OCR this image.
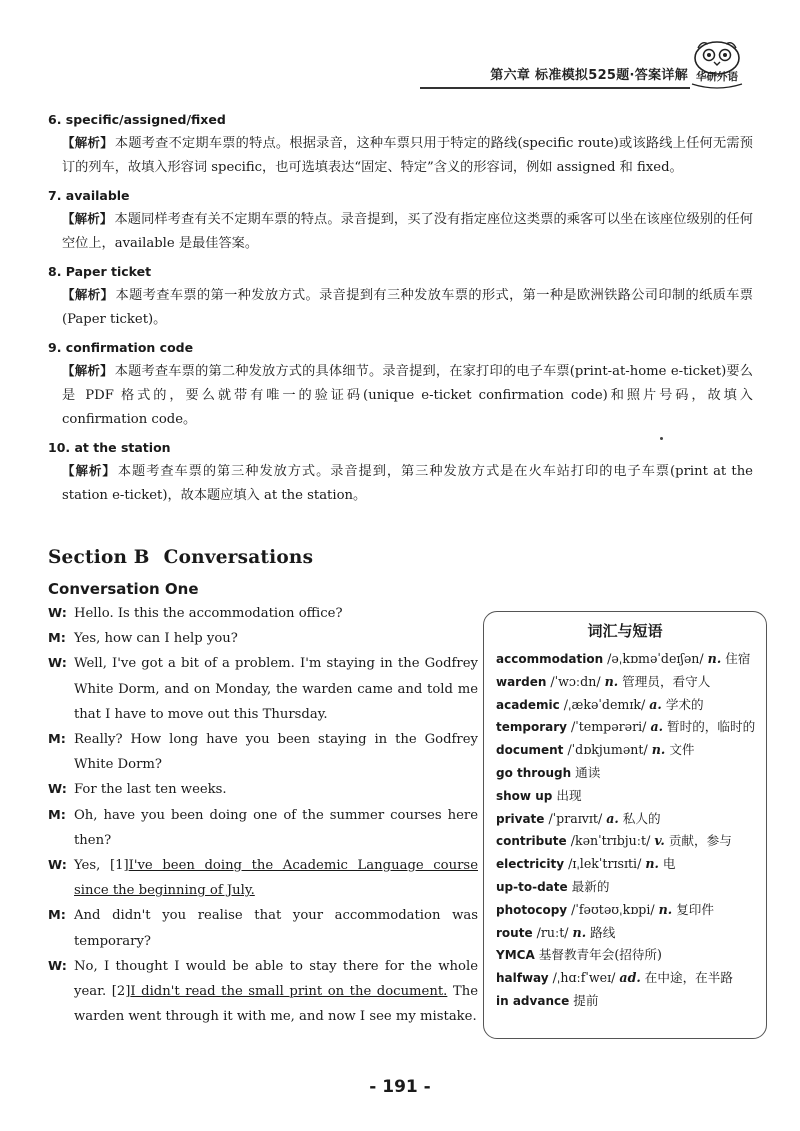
第六章 标准模拟525题·答案详解 华研外语
6. specific/assigned/fixed
【解析】 本题考查不定期车票的特点。根据录音，这种车票只用于特定的路线(specific route)或该路线上任何无需预订的列车，故填入形容词 specific，也可选填表达“固定、特定”含义的形容词，例如 assigned 和 fixed。
7. available
【解析】 本题同样考查有关不定期车票的特点。录音提到，买了没有指定座位这类票的乘客可以坐在该座位级别的任何空位上，available 是最佳答案。
8. Paper ticket
【解析】 本题考查车票的第一种发放方式。录音提到有三种发放车票的形式，第一种是欧洲铁路公司印制的纸质车票(Paper ticket)。
9. confirmation code
【解析】 本题考查车票的第二种发放方式的具体细节。录音提到，在家打印的电子车票(print-at-home e-ticket)要么是 PDF 格式的，要么就带有唯一的验证码(unique e-ticket confirmation code)和照片号码，故填入 confirmation code。
10. at the station
【解析】 本题考查车票的第三种发放方式。录音提到，第三种发放方式是在火车站打印的电子车票(print at the station e-ticket)，故本题应填入 at the station。
Section B Conversations
Conversation One
W: Hello. Is this the accommodation office?
M: Yes, how can I help you?
W: Well, I've got a bit of a problem. I'm staying in the Godfrey White Dorm, and on Monday, the warden came and told me that I have to move out this Thursday.
M: Really? How long have you been staying in the Godfrey White Dorm?
W: For the last ten weeks.
M: Oh, have you been doing one of the summer courses here then?
W: Yes, [1]I've been doing the Academic Language course since the beginning of July.
M: And didn't you realise that your accommodation was temporary?
W: No, I thought I would be able to stay there for the whole year. [2]I didn't read the small print on the document. The warden went through it with me, and now I see my mistake.
词汇与短语
accommodation /əˌkɒməˈdeɪʃən/ n. 住宿
warden /ˈwɔːdn/ n. 管理员，看守人
academic /ˌækəˈdemɪk/ a. 学术的
temporary /ˈtempərəri/ a. 暂时的，临时的
document /ˈdɒkjumənt/ n. 文件
go through 通读
show up 出现
private /ˈpraɪvɪt/ a. 私人的
contribute /kənˈtrɪbjuːt/ v. 贡献，参与
electricity /ɪˌlekˈtrɪsɪti/ n. 电
up-to-date 最新的
photocopy /ˈfəʊtəʊˌkɒpi/ n. 复印件
route /ruːt/ n. 路线
YMCA 基督教青年会(招待所)
halfway /ˌhɑːfˈweɪ/ ad. 在中途，在半路
in advance 提前
- 191 -
